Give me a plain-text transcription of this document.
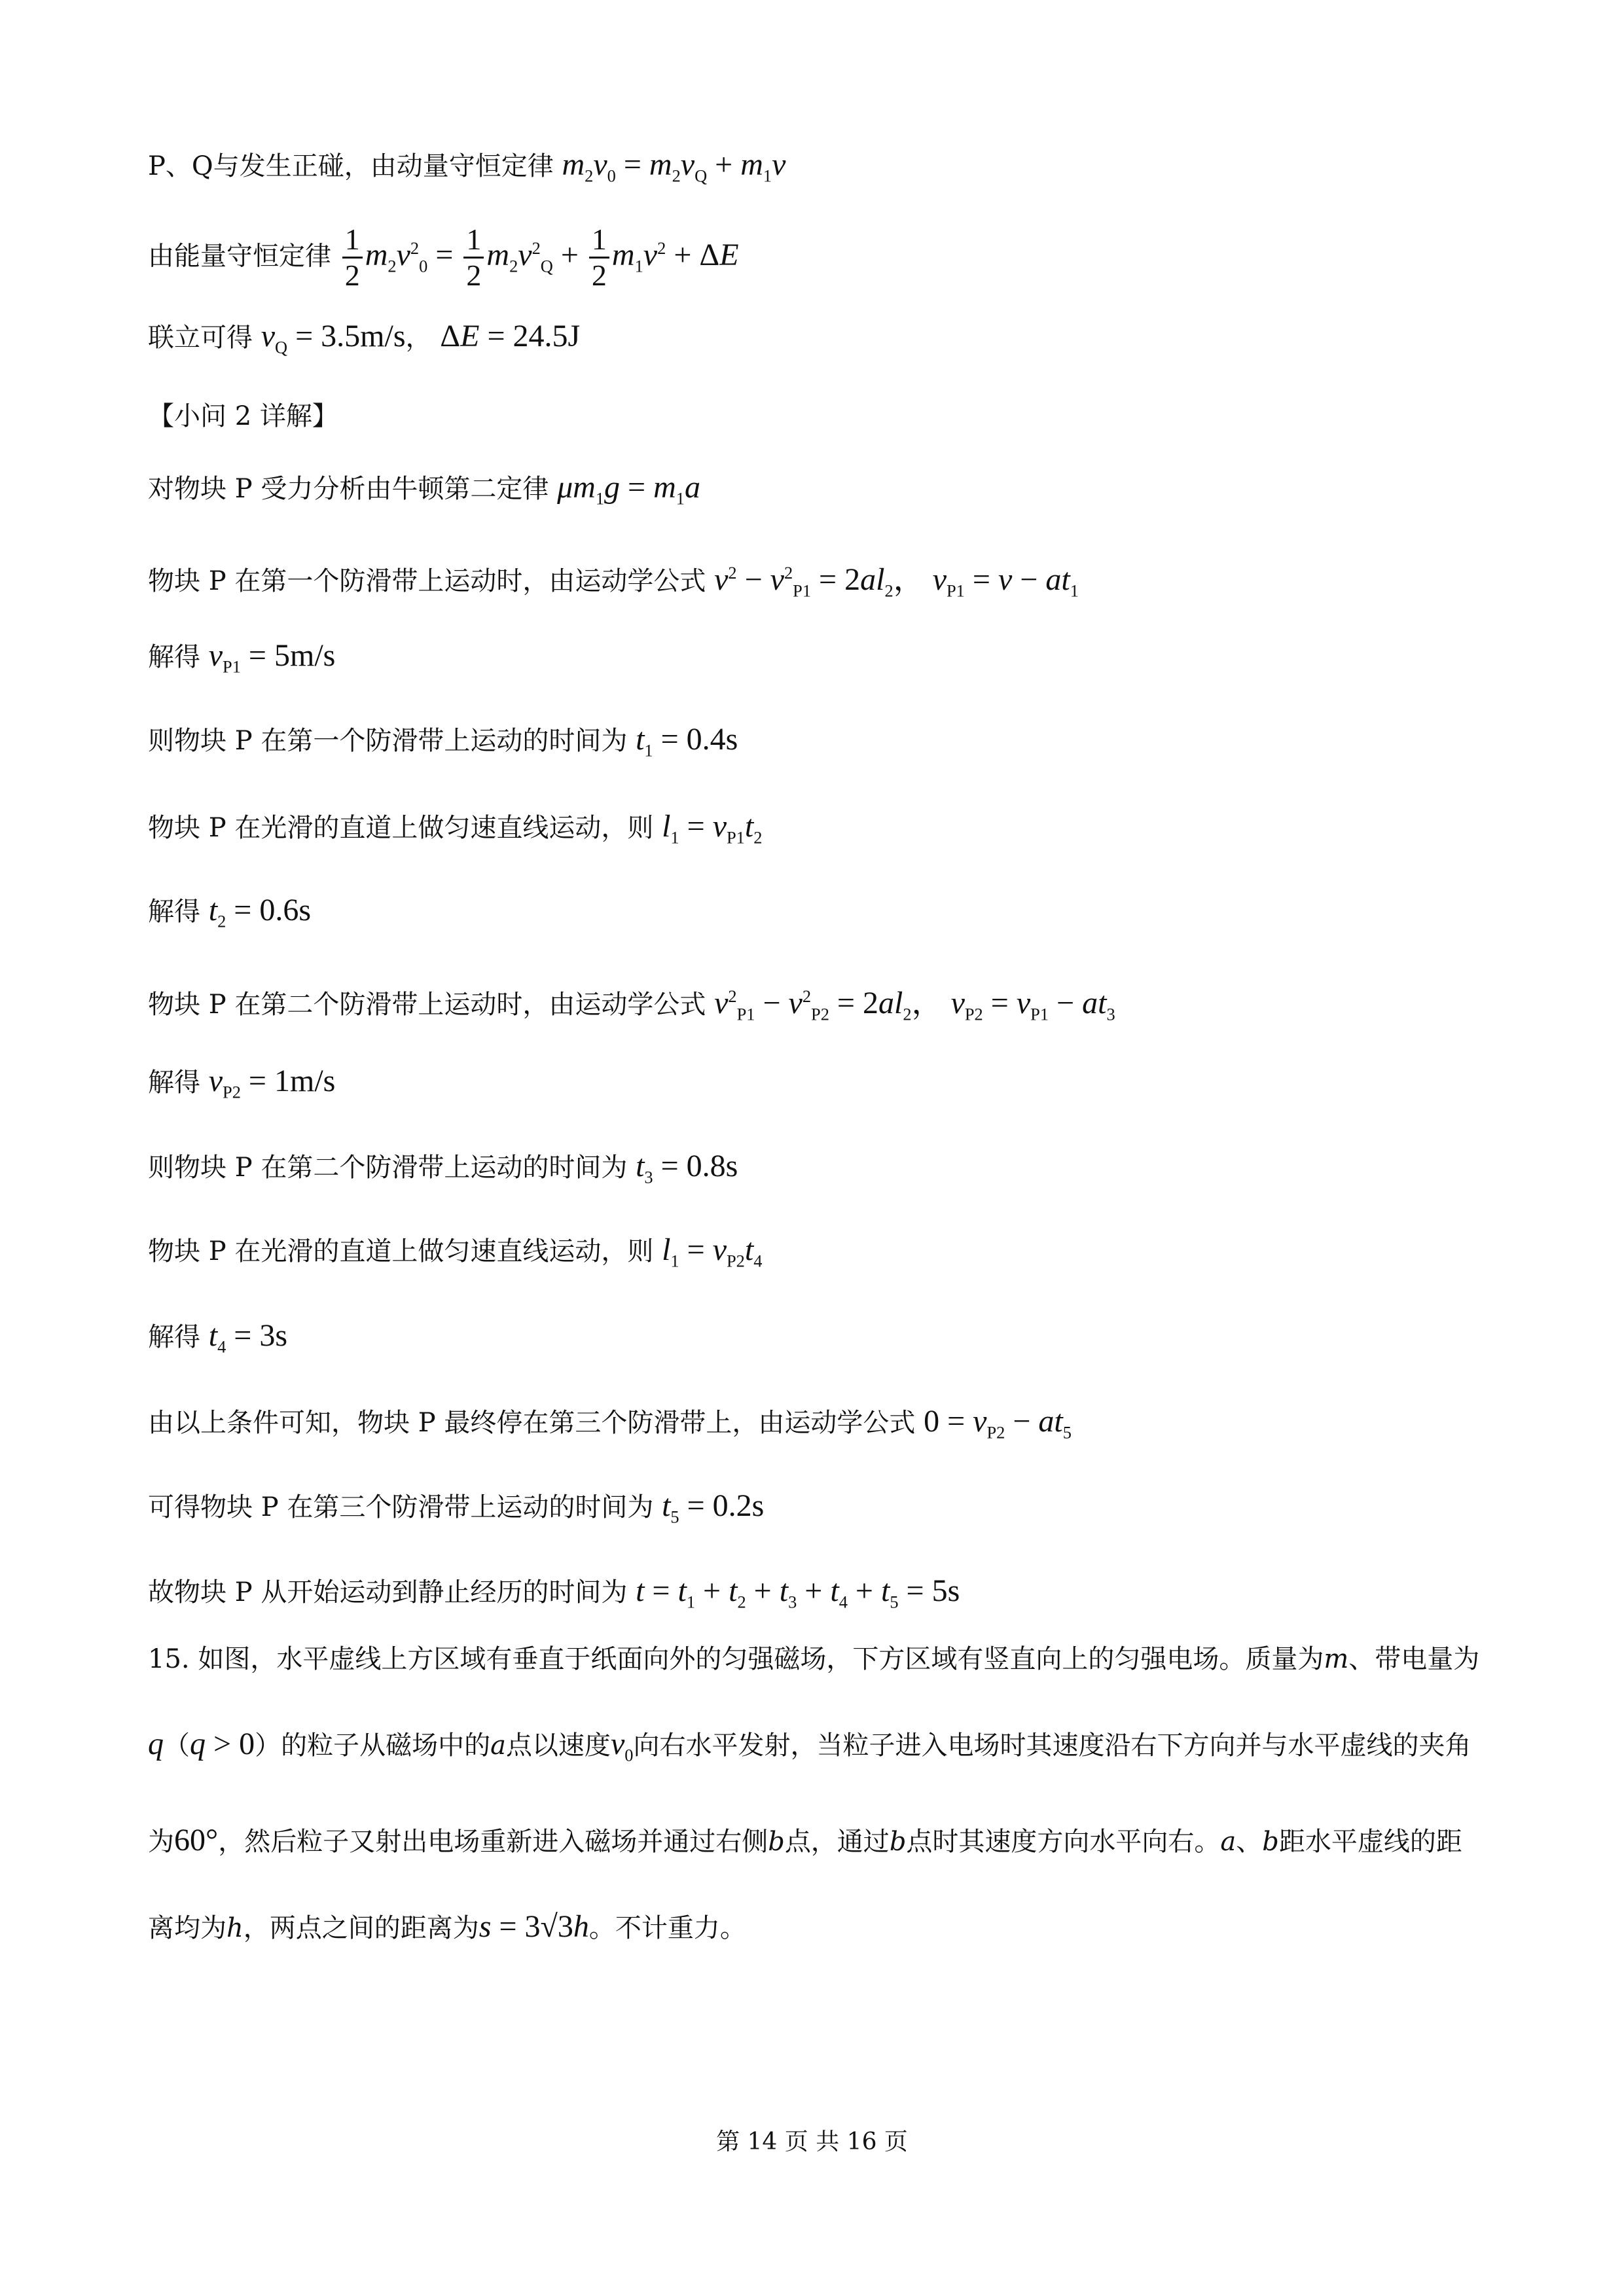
P、Q与发生正碰，由动量守恒定律 $m_2v_0 = m_2v_Q + m_1v$
由能量守恒定律 $\frac{1}{2} m_2v^2_0 = \frac{1}{2} m_2v^2_Q + \frac{1}{2} m_1v^2 + \Delta E$
联立可得 $v_Q = 3.5m/s$， ΔE = 24.5J
【小问 2 详解】
对物块 P 受力分析由牛顿第二定律 $\mu m_1g = m_1a$
物块 P 在第一个防滑带上运动时，由运动学公式 $v^2 - v^2_{P1} = 2al_2$， $v_{P1} = v - at_1$
解得 $v_{P1} = 5m/s$
则物块 P 在第一个防滑带上运动的时间为 $t_1 = 0.4s$
物块 P 在光滑的直道上做匀速直线运动，则 $l_1 = v_{P1}t_2$
解得 $t_2 = 0.6s$
物块 P 在第二个防滑带上运动时，由运动学公式 $v^2_{P1} - v^2_{P2} = 2al_2$， $v_{P2} = v_{P1} - at_3$
解得 $v_{P2} = 1m/s$
则物块 P 在第二个防滑带上运动的时间为 $t_3 = 0.8s$
物块 P 在光滑的直道上做匀速直线运动，则 $l_1 = v_{P2}t_4$
解得 $t_4 = 3s$
由以上条件可知，物块 P 最终停在第三个防滑带上，由运动学公式 $0 = v_{P2} - at_5$
可得物块 P 在第三个防滑带上运动的时间为 $t_5 = 0.2s$
故物块 P 从开始运动到静止经历的时间为 $t = t_1 + t_2 + t_3 + t_4 + t_5 = 5s$
15. 如图，水平虚线上方区域有垂直于纸面向外的匀强磁场，下方区域有竖直向上的匀强电场。质量为m、带电量为q（q > 0）的粒子从磁场中的a点以速度$v_0$向右水平发射，当粒子进入电场时其速度沿右下方向并与水平虚线的夹角为60°，然后粒子又射出电场重新进入磁场并通过右侧b点，通过b点时其速度方向水平向右。a、b距水平虚线的距离均为h，两点之间的距离为s = 3√3h。不计重力。
第 14 页 共 16 页
